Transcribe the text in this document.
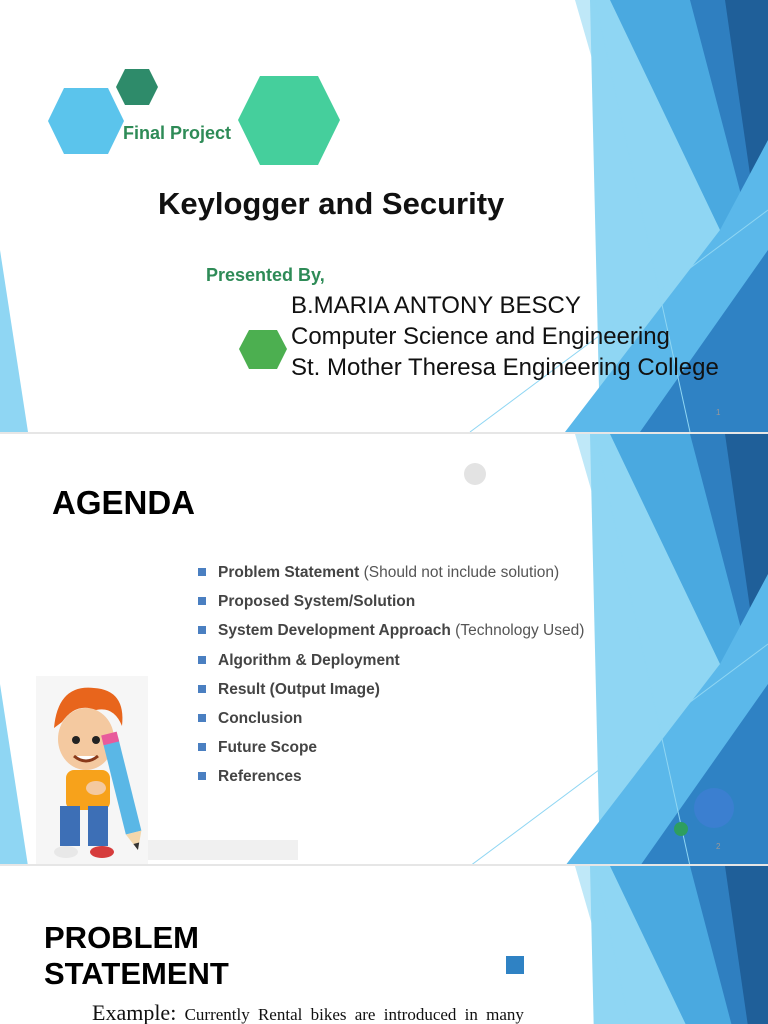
Final Project
Keylogger and Security
Presented By,
B.MARIA ANTONY BESCY
Computer Science and Engineering
St. Mother Theresa Engineering College
1
AGENDA
Problem Statement (Should not include solution)
Proposed System/Solution
System Development Approach (Technology Used)
Algorithm & Deployment
Result (Output Image)
Conclusion
Future Scope
References
2
PROBLEM
STATEMENT
Example: Currently Rental bikes are introduced in many
